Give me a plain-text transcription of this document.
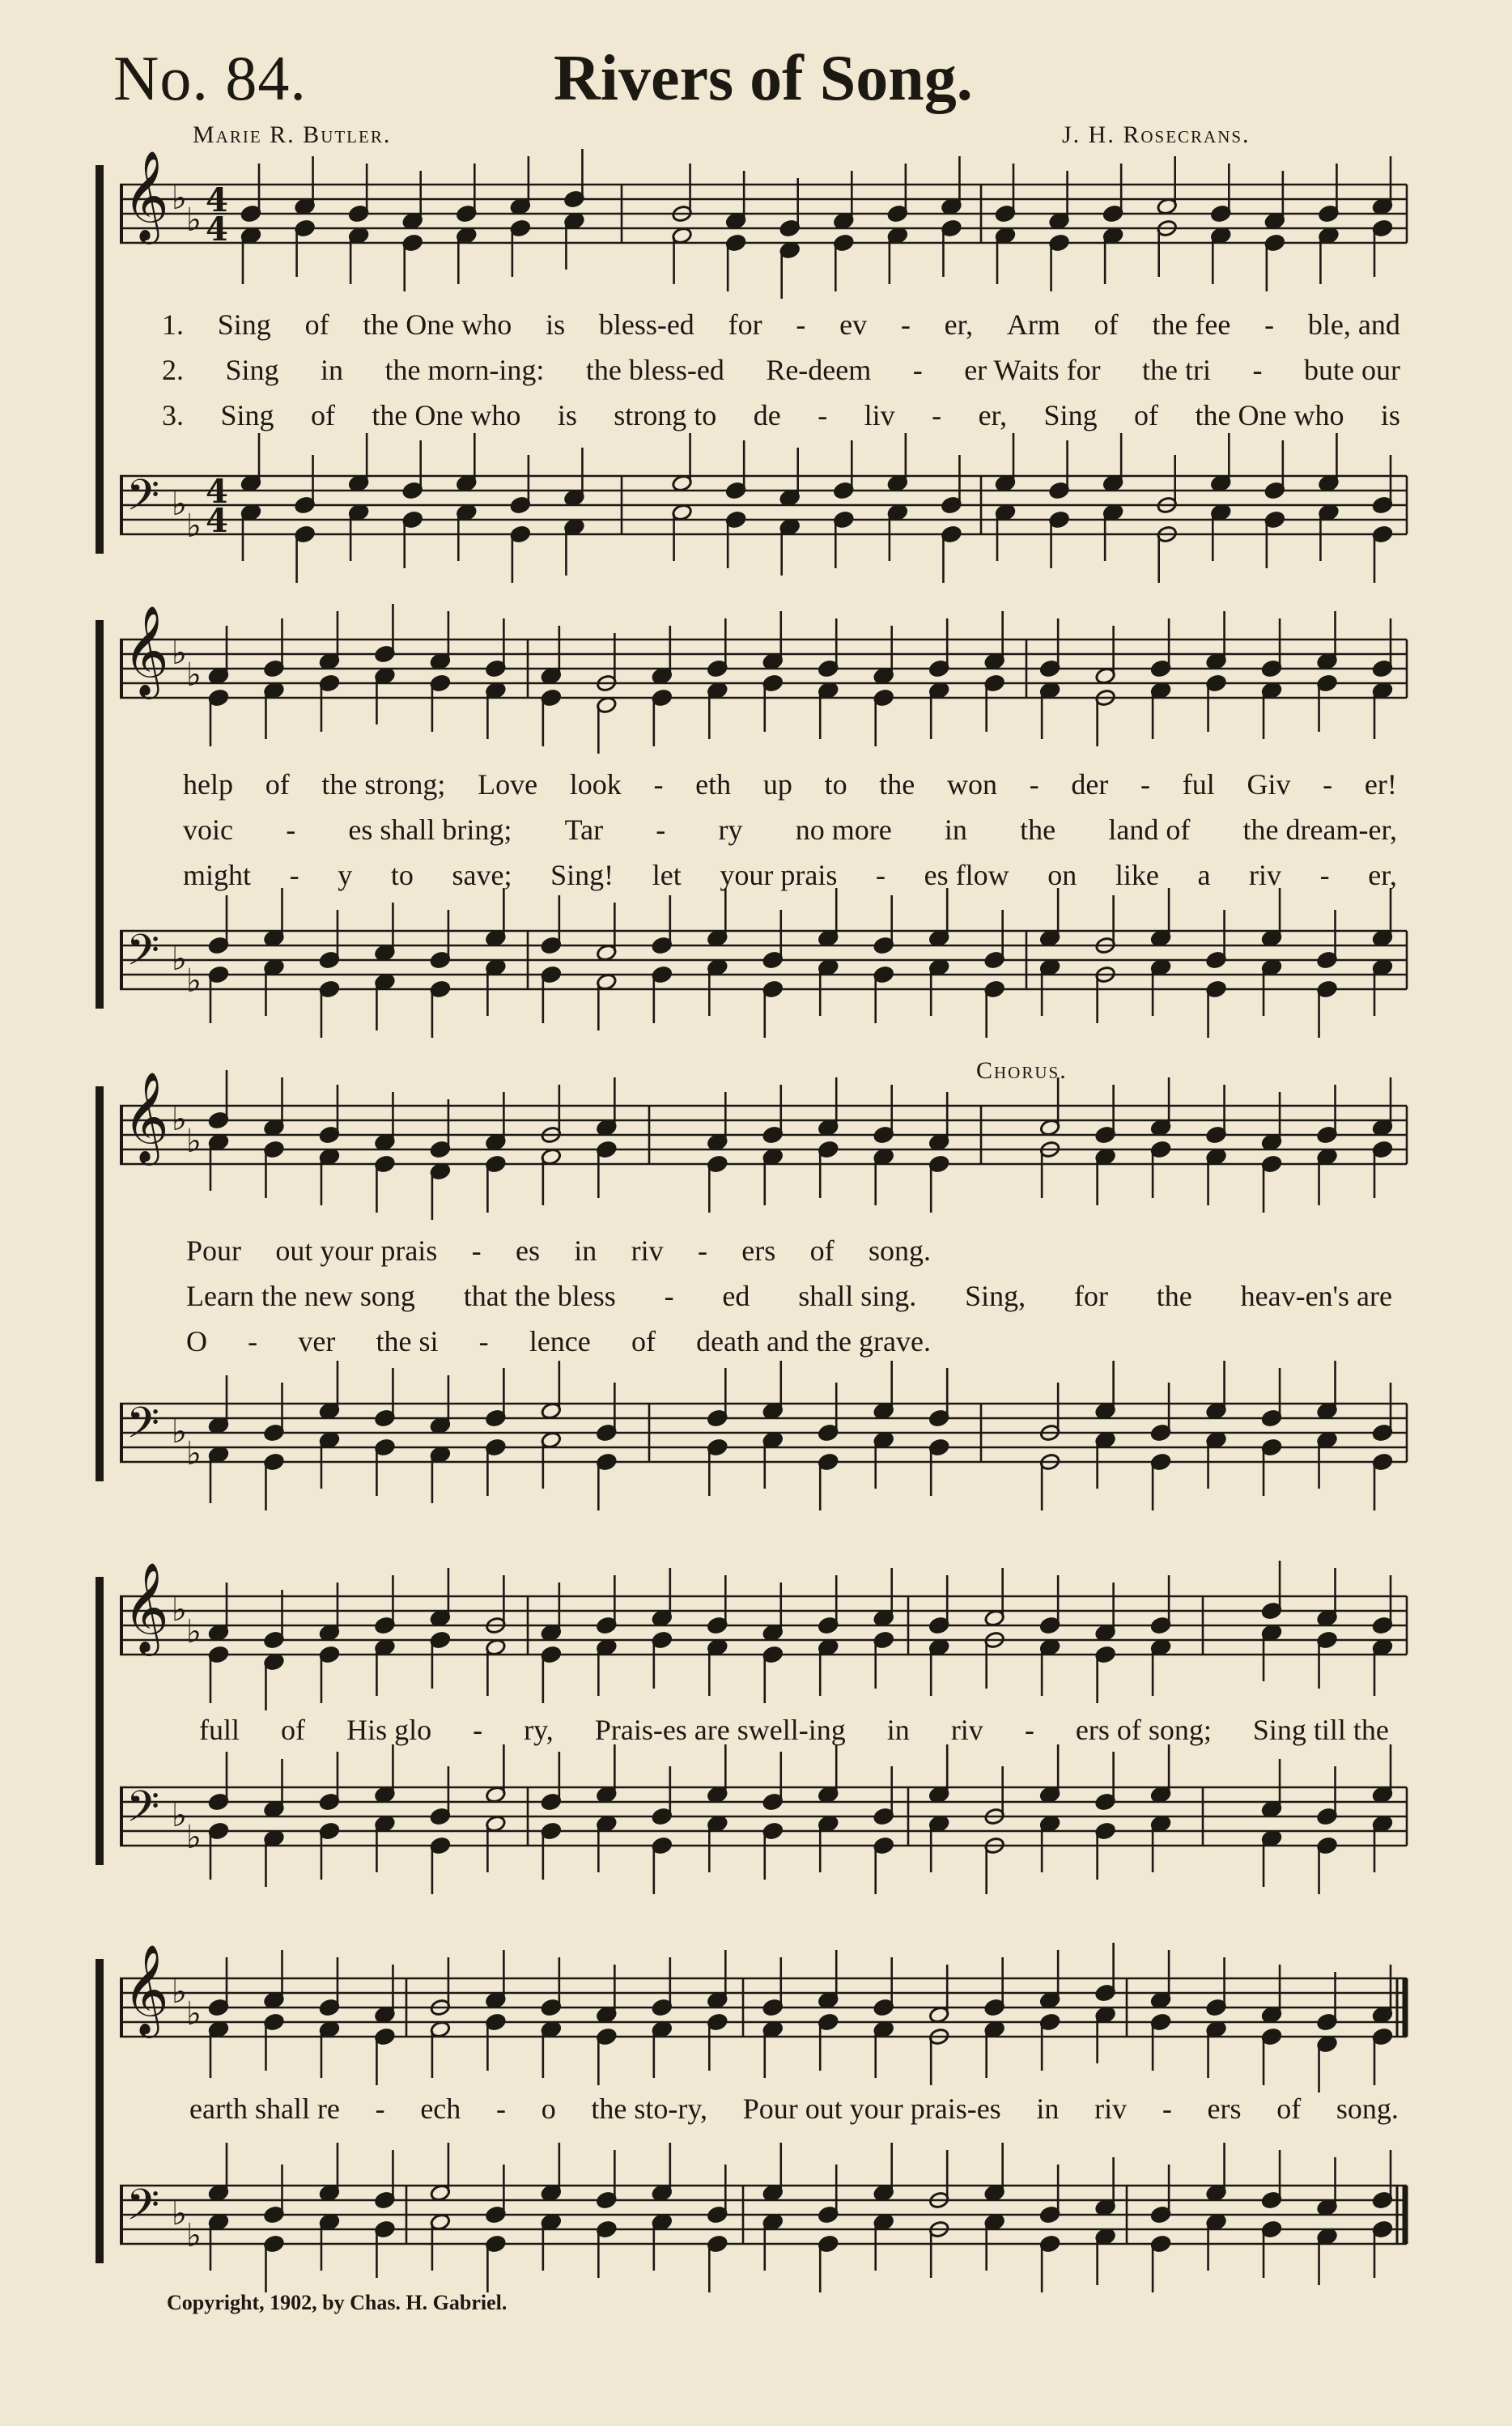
No. 84.	Rivers of Song.
Marie R. Butler.	J. H. Rosecrans.
𝄞
𝄢
♭
♭
♭
♭
4
4
4
4
𝄞
𝄢
♭
♭
♭
♭
𝄞
𝄢
♭
♭
♭
♭
𝄞
𝄢
♭
♭
♭
♭
𝄞
𝄢
♭
♭
♭
♭
1. Sing of the One who is bless-ed for - ev - er, Arm of the fee - ble, and
2. Sing in the morn-ing: the bless-ed Re-deem - er Waits for the tri - bute our
3. Sing of the One who is strong to de - liv - er, Sing of the One who is
help of the strong; Love look - eth up to the won - der - ful Giv - er!
voic - es shall bring; Tar - ry no more in the land of the dream-er,
might - y to save; Sing! let your prais - es flow on like a riv - er,
Chorus.
Pour out your prais - es in riv - ers of song.
Learn the new song that the bless - ed shall sing. Sing, for the heav-en's are
O - ver the si - lence of death and the grave.
full of His glo - ry, Prais-es are swell-ing in riv - ers of song; Sing till the
earth shall re - ech - o the sto-ry, Pour out your prais-es in riv - ers of song.
Copyright, 1902, by Chas. H. Gabriel.
